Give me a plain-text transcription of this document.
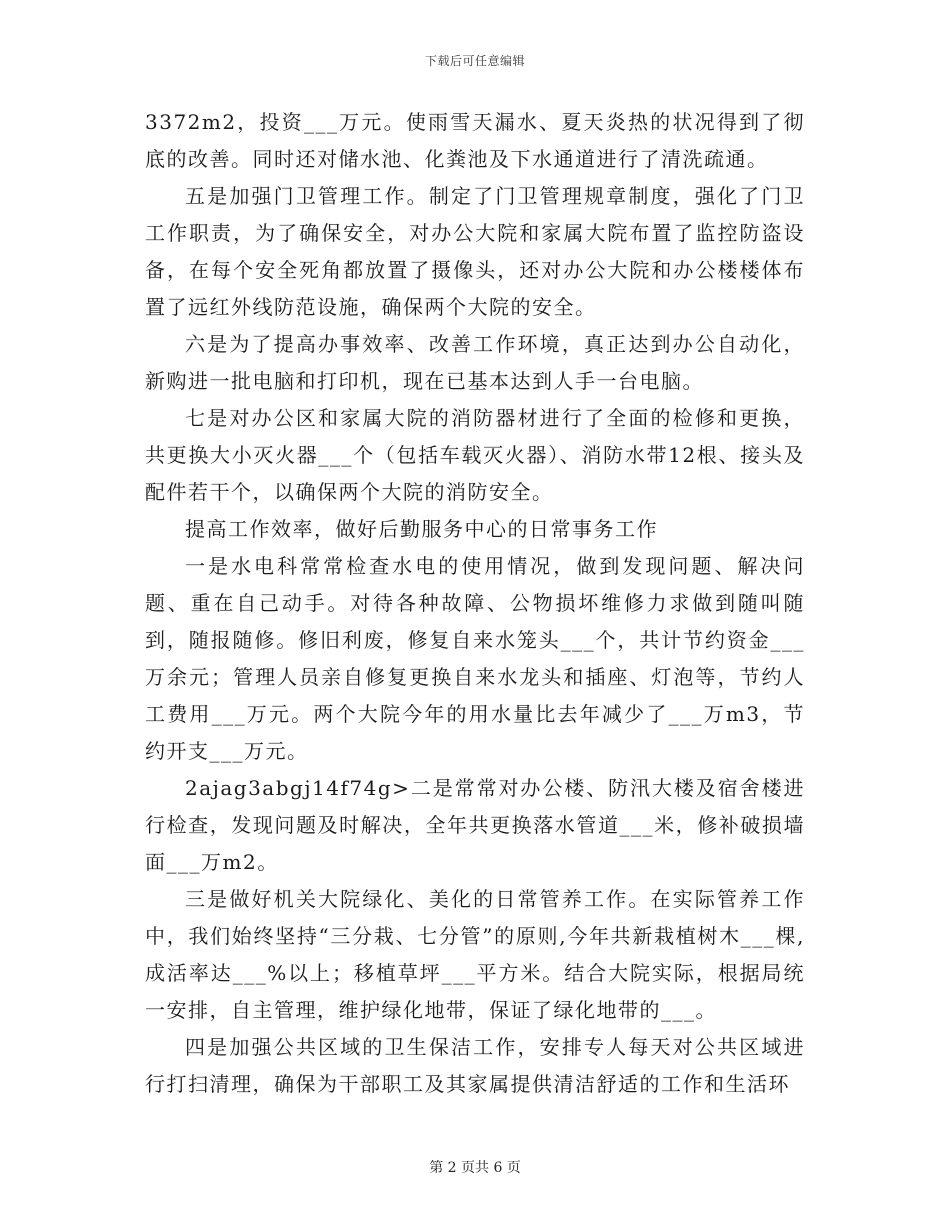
下载后可任意编辑

3372m2，投资___万元。使雨雪天漏水、夏天炎热的状况得到了彻底的改善。同时还对储水池、化粪池及下水通道进行了清洗疏通。

五是加强门卫管理工作。制定了门卫管理规章制度，强化了门卫工作职责，为了确保安全，对办公大院和家属大院布置了监控防盗设备，在每个安全死角都放置了摄像头，还对办公大院和办公楼楼体布置了远红外线防范设施，确保两个大院的安全。

六是为了提高办事效率、改善工作环境，真正达到办公自动化，新购进一批电脑和打印机，现在已基本达到人手一台电脑。

七是对办公区和家属大院的消防器材进行了全面的检修和更换，共更换大小灭火器___个（包括车载灭火器）、消防水带12根、接头及配件若干个，以确保两个大院的消防安全。

提高工作效率，做好后勤服务中心的日常事务工作

一是水电科常常检查水电的使用情况，做到发现问题、解决问题、重在自己动手。对待各种故障、公物损坏维修力求做到随叫随到，随报随修。修旧利废，修复自来水笼头___个，共计节约资金___万余元；管理人员亲自修复更换自来水龙头和插座、灯泡等，节约人工费用___万元。两个大院今年的用水量比去年减少了___万m3，节约开支___万元。

2ajag3abgj14f74g>二是常常对办公楼、防汛大楼及宿舍楼进行检查，发现问题及时解决，全年共更换落水管道___米，修补破损墙面___万m2。

三是做好机关大院绿化、美化的日常管养工作。在实际管养工作中，我们始终坚持“三分栽、七分管”的原则,今年共新栽植树木___棵,成活率达___%以上；移植草坪___平方米。结合大院实际，根据局统一安排，自主管理，维护绿化地带，保证了绿化地带的___。

四是加强公共区域的卫生保洁工作，安排专人每天对公共区域进行打扫清理，确保为干部职工及其家属提供清洁舒适的工作和生活环

第 2 页共 6 页
